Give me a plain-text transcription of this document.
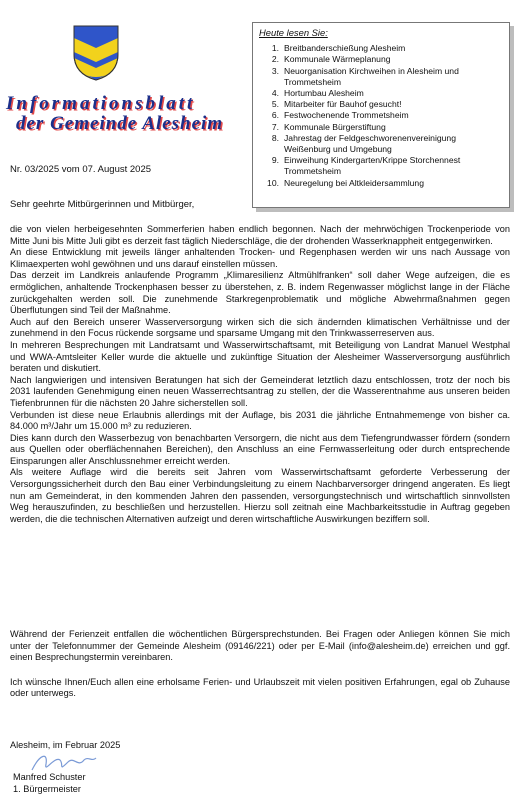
Informationsblatt
der Gemeinde Alesheim
Nr. 03/2025 vom 07. August 2025
Heute lesen Sie:
1. Breitbanderschießung Alesheim
2. Kommunale Wärmeplanung
3. Neuorganisation Kirchweihen in Alesheim und Trommetsheim
4. Hortumbau Alesheim
5. Mitarbeiter für Bauhof gesucht!
6. Festwochenende Trommetsheim
7. Kommunale Bürgerstiftung
8. Jahrestag der Feldgeschworenenvereinigung Weißenburg und Umgebung
9. Einweihung Kindergarten/Krippe Storchennest Trommetsheim
10. Neuregelung bei Altkleidersammlung
Sehr geehrte Mitbürgerinnen und Mitbürger,

die von vielen herbeigesehnten Sommerferien haben endlich begonnen. Nach der mehrwöchigen Trockenperiode von Mitte Juni bis Mitte Juli gibt es derzeit fast täglich Niederschläge, die der drohenden Wasserknappheit entgegenwirken.

An diese Entwicklung mit jeweils länger anhaltenden Trocken- und Regenphasen werden wir uns nach Aussage von Klimaexperten wohl gewöhnen und uns darauf einstellen müssen.

Das derzeit im Landkreis anlaufende Programm „Klimaresilienz Altmühlfranken“ soll daher Wege aufzeigen, die es ermöglichen, anhaltende Trockenphasen besser zu überstehen, z. B. indem Regenwasser möglichst lange in der Fläche zurückgehalten werden soll. Die zunehmende Starkregenproblematik und mögliche Abwehrmaßnahmen gegen Überflutungen sind Teil der Maßnahme.

Auch auf den Bereich unserer Wasserversorgung wirken sich die sich ändernden klimatischen Verhältnisse und der zunehmend in den Focus rückende sorgsame und sparsame Umgang mit den Trinkwasserreserven aus.

In mehreren Besprechungen mit Landratsamt und Wasserwirtschaftsamt, mit Beteiligung von Landrat Manuel Westphal und WWA-Amtsleiter Keller wurde die aktuelle und zukünftige Situation der Alesheimer Wasserversorgung ausführlich beraten und diskutiert.

Nach langwierigen und intensiven Beratungen hat sich der Gemeinderat letztlich dazu entschlossen, trotz der noch bis 2031 laufenden Genehmigung einen neuen Wasserrechtsantrag zu stellen, der die Wasserentnahme aus unseren beiden Tiefenbrunnen für die nächsten 20 Jahre sicherstellen soll.

Verbunden ist diese neue Erlaubnis allerdings mit der Auflage, bis 2031 die jährliche Entnahmemenge von bisher ca. 84.000 m³/Jahr um 15.000 m³ zu reduzieren.

Dies kann durch den Wasserbezug von benachbarten Versorgern, die nicht aus dem Tiefengrundwasser fördern (sondern aus Quellen oder oberflächennahen Bereichen), den Anschluss an eine Fernwasserleitung oder durch entsprechende Einsparungen aller Anschlussnehmer erreicht werden.

Als weitere Auflage wird die bereits seit Jahren vom Wasserwirtschaftsamt geforderte Verbesserung der Versorgungssicherheit durch den Bau einer Verbindungsleitung zu einem Nachbarversorger dringend angeraten. Es liegt nun am Gemeinderat, in den kommenden Jahren den passenden, versorgungstechnisch und wirtschaftlich sinnvollsten Weg herauszufinden, zu beschließen und herzustellen. Hierzu soll zeitnah eine Machbarkeitsstudie in Auftrag gegeben werden, die die technischen Alternativen aufzeigt und deren wirtschaftliche Auswirkungen beziffern soll.

Während der Ferienzeit entfallen die wöchentlichen Bürgersprechstunden. Bei Fragen oder Anliegen können Sie mich unter der Telefonnummer der Gemeinde Alesheim (09146/221) oder per E-Mail (info@alesheim.de) erreichen und ggf. einen Besprechungstermin vereinbaren.

Ich wünsche Ihnen/Euch allen eine erholsame Ferien- und Urlaubszeit mit vielen positiven Erfahrungen, egal ob Zuhause oder unterwegs.

Alesheim, im Februar 2025
Manfred Schuster
1. Bürgermeister
